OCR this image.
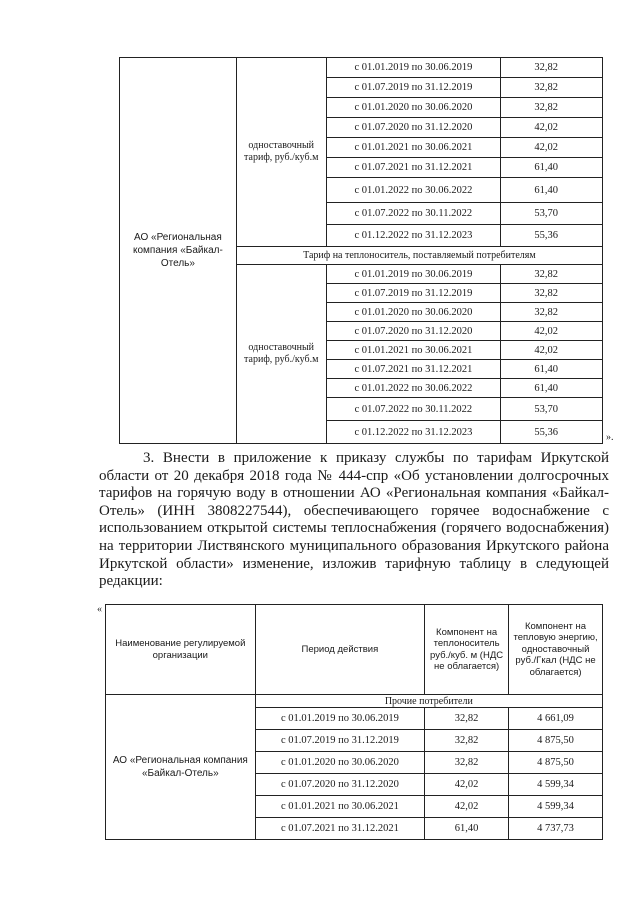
АО «Региональная компания «Байкал-Отель»	одноставочный тариф, руб./куб.м	с 01.01.2019 по 30.06.2019	32,82
		с 01.07.2019 по 31.12.2019	32,82
		с 01.01.2020 по 30.06.2020	32,82
		с 01.07.2020 по 31.12.2020	42,02
		с 01.01.2021 по 30.06.2021	42,02
		с 01.07.2021 по 31.12.2021	61,40
		с 01.01.2022 по 30.06.2022	61,40
		с 01.07.2022 по 30.11.2022	53,70
		с 01.12.2022 по 31.12.2023	55,36
	Тариф на теплоноситель, поставляемый потребителям		
	одноставочный тариф, руб./куб.м	с 01.01.2019 по 30.06.2019	32,82
		с 01.07.2019 по 31.12.2019	32,82
		с 01.01.2020 по 30.06.2020	32,82
		с 01.07.2020 по 31.12.2020	42,02
		с 01.01.2021 по 30.06.2021	42,02
		с 01.07.2021 по 31.12.2021	61,40
		с 01.01.2022 по 30.06.2022	61,40
		с 01.07.2022 по 30.11.2022	53,70
		с 01.12.2022 по 31.12.2023	55,36	».

3. Внести в приложение к приказу службы по тарифам Иркутской области от 20 декабря 2018 года № 444-спр «Об установлении долгосрочных тарифов на горячую воду в отношении АО «Региональная компания «Байкал-Отель» (ИНН 3808227544), обеспечивающего горячее водоснабжение с использованием открытой системы теплоснабжения (горячего водоснабжения) на территории Листвянского муниципального образования Иркутского района Иркутской области» изменение, изложив тарифную таблицу в следующей редакции:

«
Наименование регулируемой организации	Период действия	Компонент на теплоноситель руб./куб. м (НДС не облагается)	Компонент на тепловую энергию, одноставочный руб./Гкал (НДС не облагается)
АО «Региональная компания «Байкал-Отель»	Прочие потребители		
	с 01.01.2019 по 30.06.2019	32,82	4 661,09
	с 01.07.2019 по 31.12.2019	32,82	4 875,50
	с 01.01.2020 по 30.06.2020	32,82	4 875,50
	с 01.07.2020 по 31.12.2020	42,02	4 599,34
	с 01.01.2021 по 30.06.2021	42,02	4 599,34
	с 01.07.2021 по 31.12.2021	61,40	4 737,73
